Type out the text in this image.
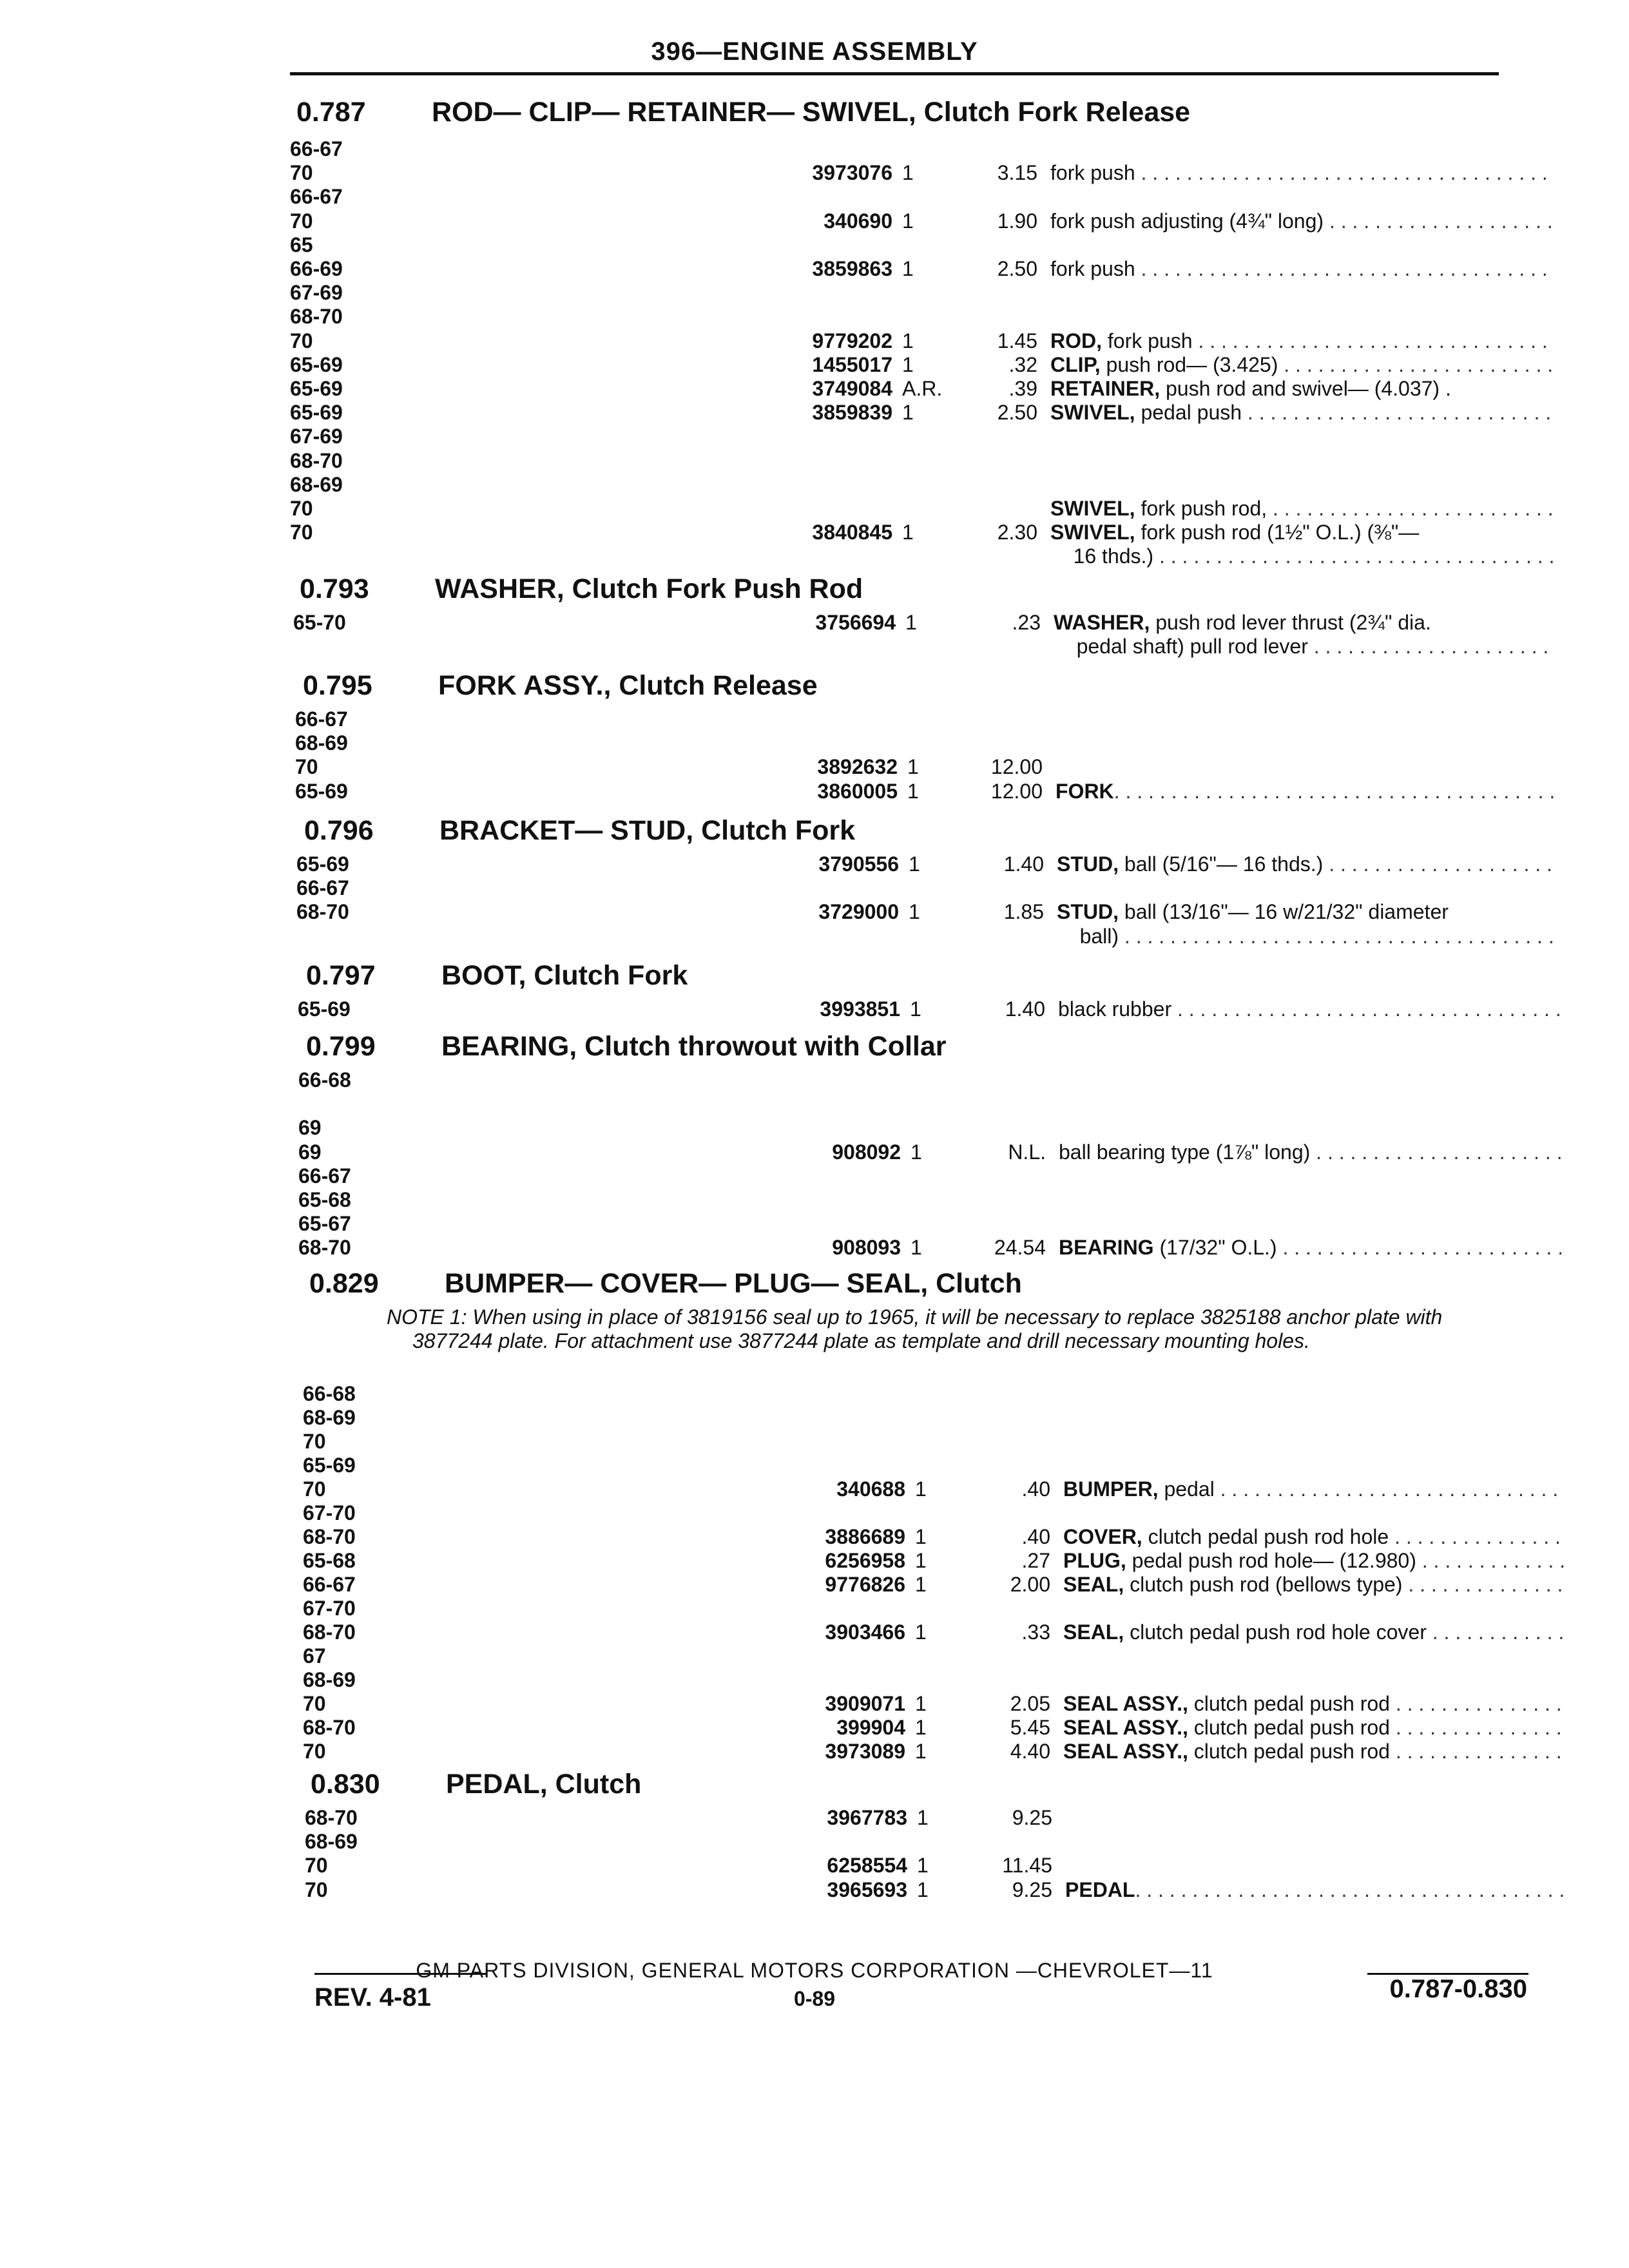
396—ENGINE ASSEMBLY
0.787 ROD— CLIP— RETAINER— SWIVEL, Clutch Fork Release
66-67
70	3973076 1	3.15 fork push  . . .
66-67
70	340690 1	1.90 fork push adjusting (4¾" long)  . . .
65
66-69	3859863 1	2.50 fork push  . . .
67-69
68-70
70	9779202 1	1.45 ROD, fork push  . . .
65-69	1455017 1	.32 CLIP, push rod— (3.425)  . . .
65-69	3749084 A.R.	.39 RETAINER, push rod and swivel— (4.037) .
65-69	3859839 1	2.50 SWIVEL, pedal push  . . .
67-69
68-70
68-69
70	SWIVEL, fork push rod,  . . .
70	3840845 1	2.30 SWIVEL, fork push rod (1½" O.L.) (⅜"—
16 thds.)  . . .
0.793 WASHER, Clutch Fork Push Rod
65-70	3756694 1	.23 WASHER, push rod lever thrust (2¾" dia.
pedal shaft) pull rod lever  . . .
0.795 FORK ASSY., Clutch Release
66-67
68-69
70	3892632 1	12.00
65-69	3860005 1	12.00 FORK . . .
0.796 BRACKET— STUD, Clutch Fork
65-69	3790556 1	1.40 STUD, ball (5/16"— 16 thds.)  . . .
66-67
68-70	3729000 1	1.85 STUD, ball (13/16"— 16 w/21/32" diameter
ball)  . . .
0.797 BOOT, Clutch Fork
65-69	3993851 1	1.40 black rubber  . . .
0.799 BEARING, Clutch throwout with Collar
66-68
69
69	908092 1	N.L. ball bearing type (1⅞" long)  . . .
66-67
65-68
65-67
68-70	908093 1	24.54 BEARING (17/32" O.L.)  . . .
0.829 BUMPER— COVER— PLUG— SEAL, Clutch
NOTE 1: When using in place of 3819156 seal up to 1965, it will be necessary to replace 3825188 anchor plate with 3877244 plate. For attachment use 3877244 plate as template and drill necessary mounting holes.
66-68
68-69
70
65-69
70	340688 1	.40 BUMPER, pedal  . . .
67-70
68-70	3886689 1	.40 COVER, clutch pedal push rod hole  . . .
65-68	6256958 1	.27 PLUG, pedal push rod hole— (12.980)  . . .
66-67	9776826 1	2.00 SEAL, clutch push rod (bellows type)  . . .
67-70
68-70	3903466 1	.33 SEAL, clutch pedal push rod hole cover  . . .
67
68-69
70	3909071 1	2.05 SEAL ASSY., clutch pedal push rod  . . .
68-70	399904 1	5.45 SEAL ASSY., clutch pedal push rod  . . .
70	3973089 1	4.40 SEAL ASSY., clutch pedal push rod  . . .
0.830 PEDAL, Clutch
68-70	3967783 1	9.25
68-69
70	6258554 1	11.45
70	3965693 1	9.25 PEDAL . . .
GM PARTS DIVISION, GENERAL MOTORS CORPORATION —CHEVROLET—11
REV. 4-81	0-89	0.787-0.830
